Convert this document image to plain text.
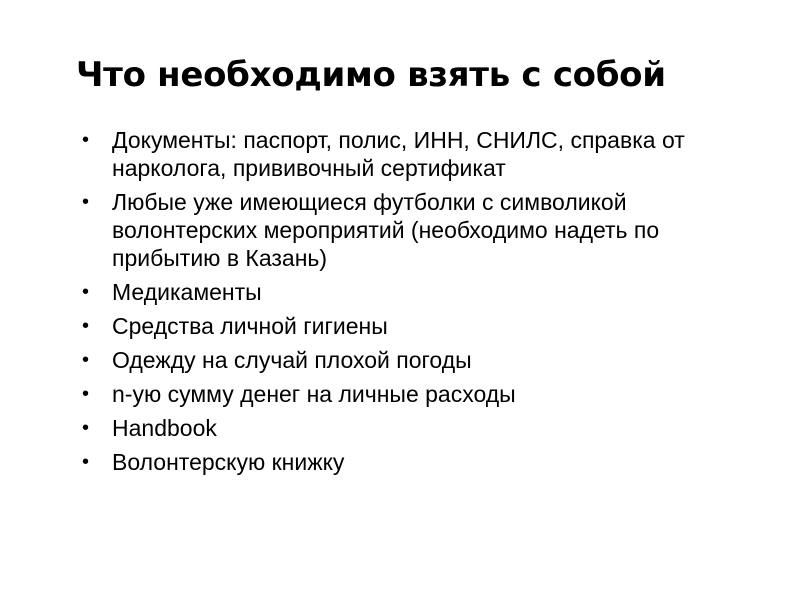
Что необходимо взять с собой
• Документы: паспорт, полис, ИНН, СНИЛС, справка от нарколога, прививочный сертификат
• Любые уже имеющиеся футболки с символикой волонтерских мероприятий (необходимо надеть по прибытию в Казань)
• Медикаменты
• Средства личной гигиены
• Одежду на случай плохой погоды
• n-ую сумму денег на личные расходы
• Handbook
• Волонтерскую книжку
